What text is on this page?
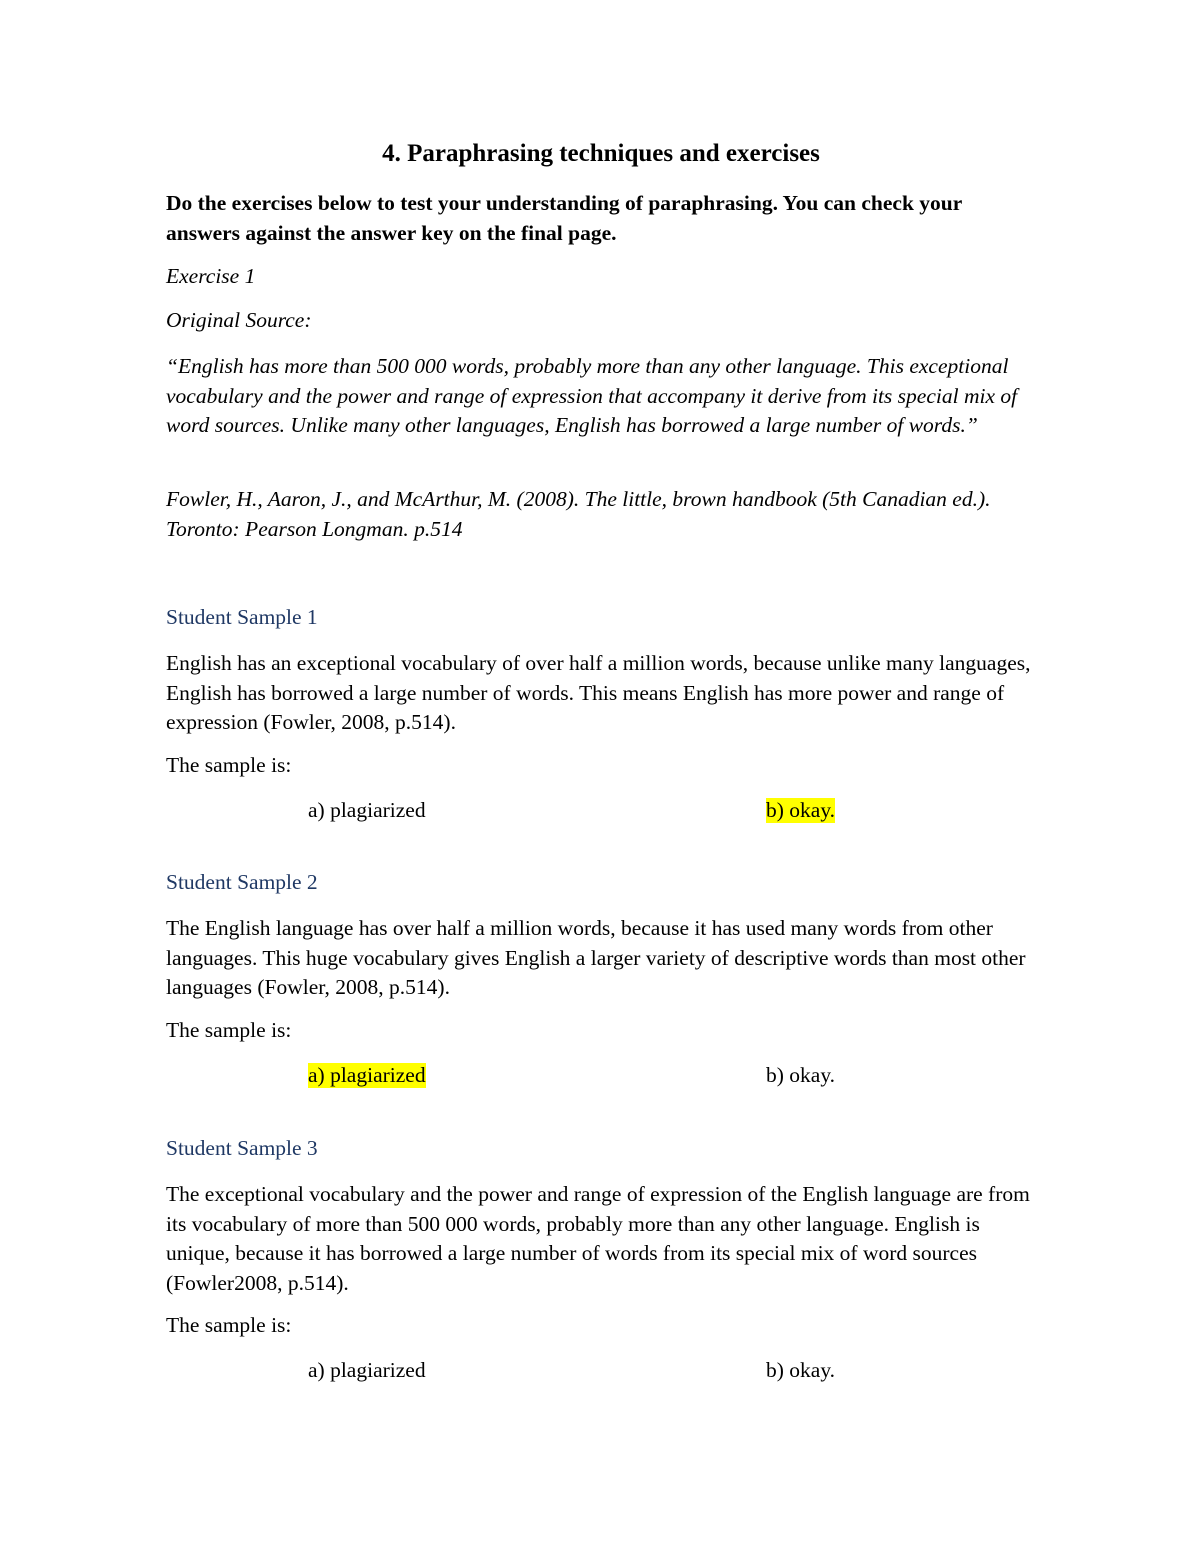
4. Paraphrasing techniques and exercises

Do the exercises below to test your understanding of paraphrasing. You can check your answers against the answer key on the final page.

Exercise 1

Original Source:

“English has more than 500 000 words, probably more than any other language. This exceptional vocabulary and the power and range of expression that accompany it derive from its special mix of word sources. Unlike many other languages, English has borrowed a large number of words.”

Fowler, H., Aaron, J., and McArthur, M. (2008). The little, brown handbook (5th Canadian ed.). Toronto: Pearson Longman. p.514

Student Sample 1

English has an exceptional vocabulary of over half a million words, because unlike many languages, English has borrowed a large number of words. This means English has more power and range of expression (Fowler, 2008, p.514).

The sample is:

a) plagiarized	b) okay.

Student Sample 2

The English language has over half a million words, because it has used many words from other languages. This huge vocabulary gives English a larger variety of descriptive words than most other languages (Fowler, 2008, p.514).

The sample is:

a) plagiarized	b) okay.

Student Sample 3

The exceptional vocabulary and the power and range of expression of the English language are from its vocabulary of more than 500 000 words, probably more than any other language. English is unique, because it has borrowed a large number of words from its special mix of word sources (Fowler2008, p.514).

The sample is:

a) plagiarized	b) okay.
